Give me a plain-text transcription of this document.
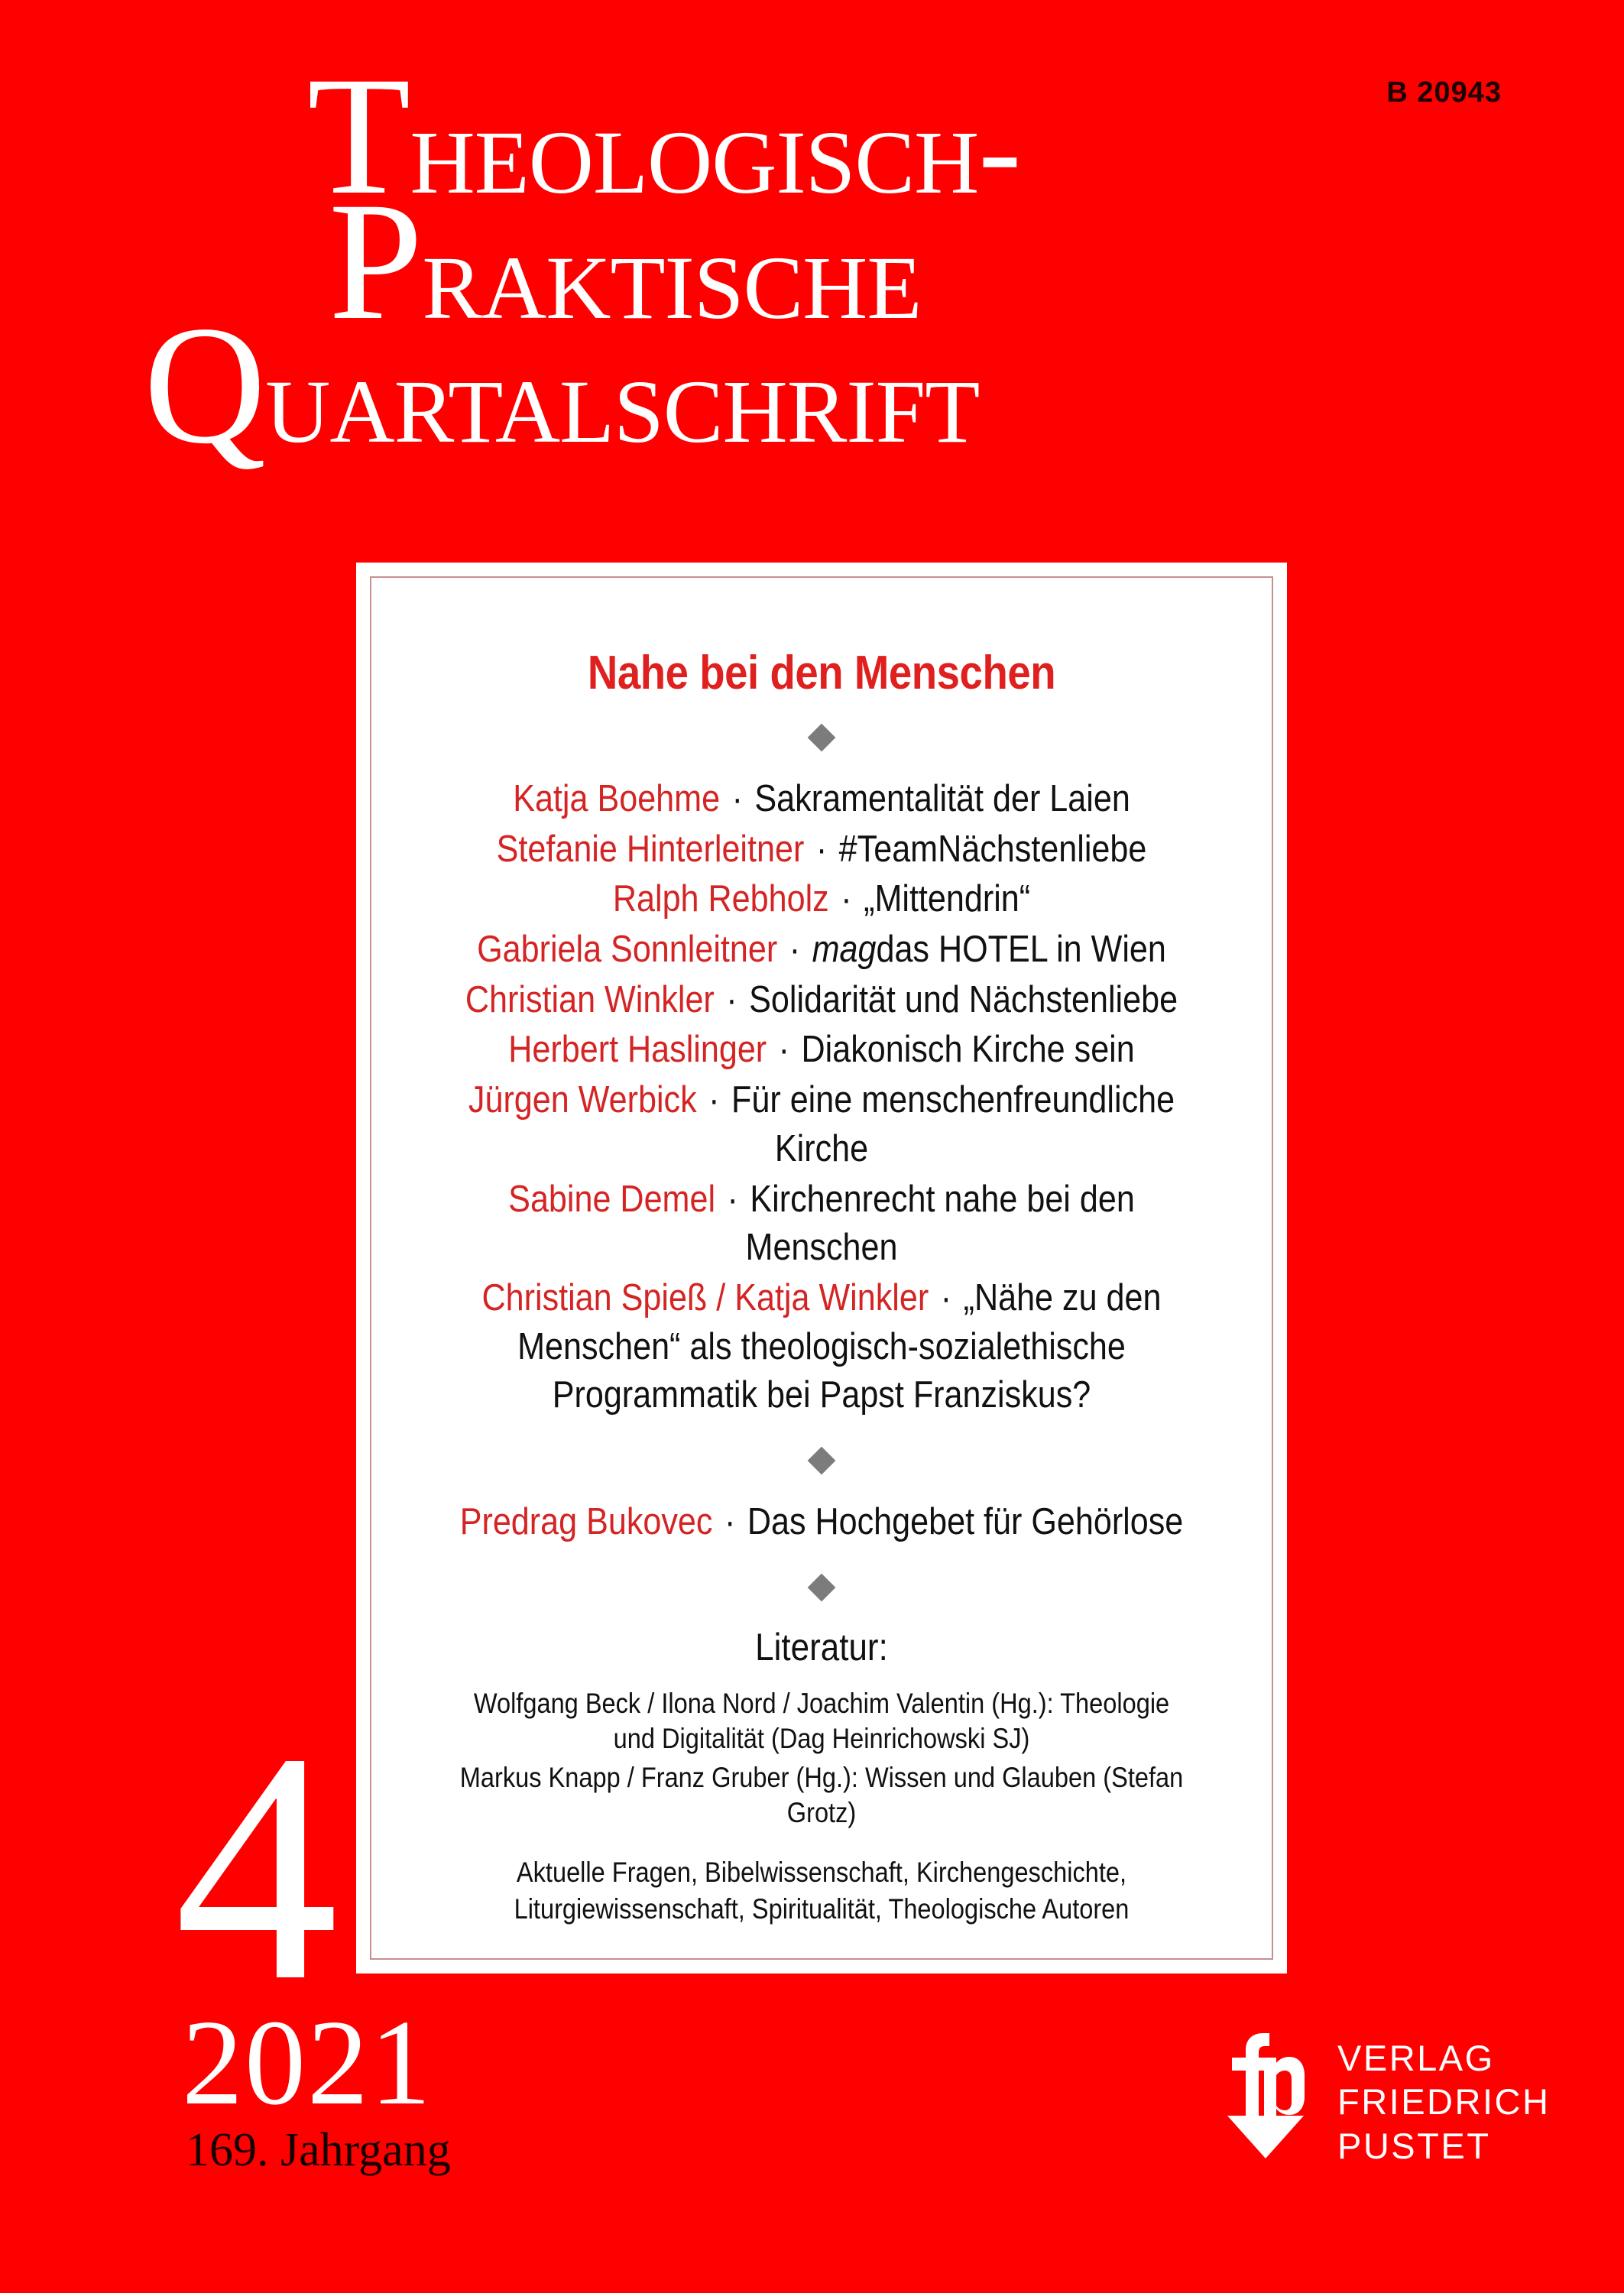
B 20943
Theologisch-
Praktische
Quartalschrift
Nahe bei den Menschen

Katja Boehme · Sakramentalität der Laien

Stefanie Hinterleitner · #TeamNächstenliebe

Ralph Rebholz · „Mittendrin“

Gabriela Sonnleitner · magdas HOTEL in Wien

Christian Winkler · Solidarität und Nächstenliebe

Herbert Haslinger · Diakonisch Kirche sein

Jürgen Werbick · Für eine menschenfreundliche Kirche

Sabine Demel · Kirchenrecht nahe bei den Menschen

Christian Spieß / Katja Winkler · „Nähe zu den Menschen“ als theologisch-sozialethische Programmatik bei Papst Franziskus?

Predrag Bukovec · Das Hochgebet für Gehörlose

Literatur:

Wolfgang Beck / Ilona Nord / Joachim Valentin (Hg.): Theologie und Digitalität (Dag Heinrichowski SJ)

Markus Knapp / Franz Gruber (Hg.): Wissen und Glauben (Stefan Grotz)

Aktuelle Fragen, Bibelwissenschaft, Kirchengeschichte, Liturgiewissenschaft, Spiritualität, Theologische Autoren

4
2021
169. Jahrgang
VERLAG
FRIEDRICH
PUSTET
